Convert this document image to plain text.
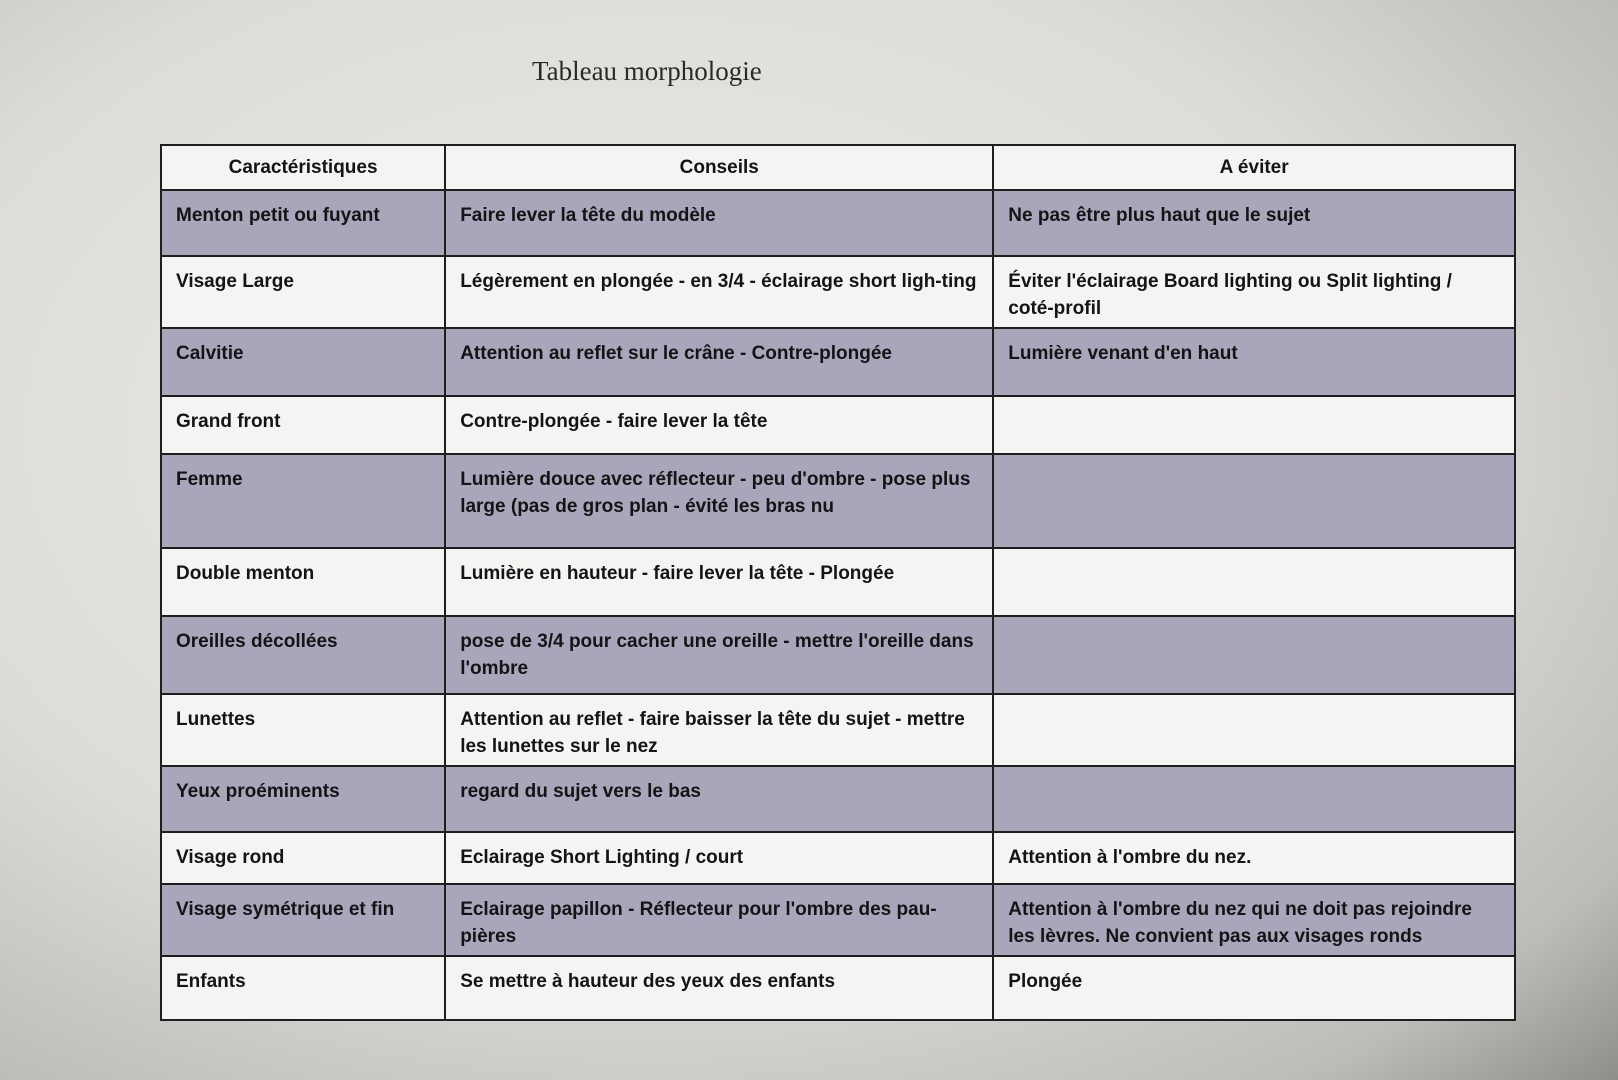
Tableau morphologie
Caractéristiques	Conseils	A éviter
Menton petit ou fuyant	Faire lever la tête du modèle	Ne pas être plus haut que le sujet
Visage Large	Légèrement en plongée - en 3/4 - éclairage short ligh-ting	Éviter l'éclairage Board lighting ou Split lighting / coté-profil
Calvitie	Attention au reflet sur le crâne - Contre-plongée	Lumière venant d'en haut
Grand front	Contre-plongée - faire lever la tête	
Femme	Lumière douce avec réflecteur - peu d'ombre - pose plus large (pas de gros plan - évité les bras nu	
Double menton	Lumière en hauteur - faire lever la tête - Plongée	
Oreilles décollées	pose de 3/4 pour cacher une oreille - mettre l'oreille dans l'ombre	
Lunettes	Attention au reflet - faire baisser la tête du sujet - mettre les lunettes sur le nez	
Yeux proéminents	regard du sujet vers le bas	
Visage rond	Eclairage Short Lighting / court	Attention à l'ombre du nez.
Visage symétrique et fin	Eclairage papillon - Réflecteur pour l'ombre des pau-pières	Attention à l'ombre du nez qui ne doit pas rejoindre les lèvres. Ne convient pas aux visages ronds
Enfants	Se mettre à hauteur des yeux des enfants	Plongée
